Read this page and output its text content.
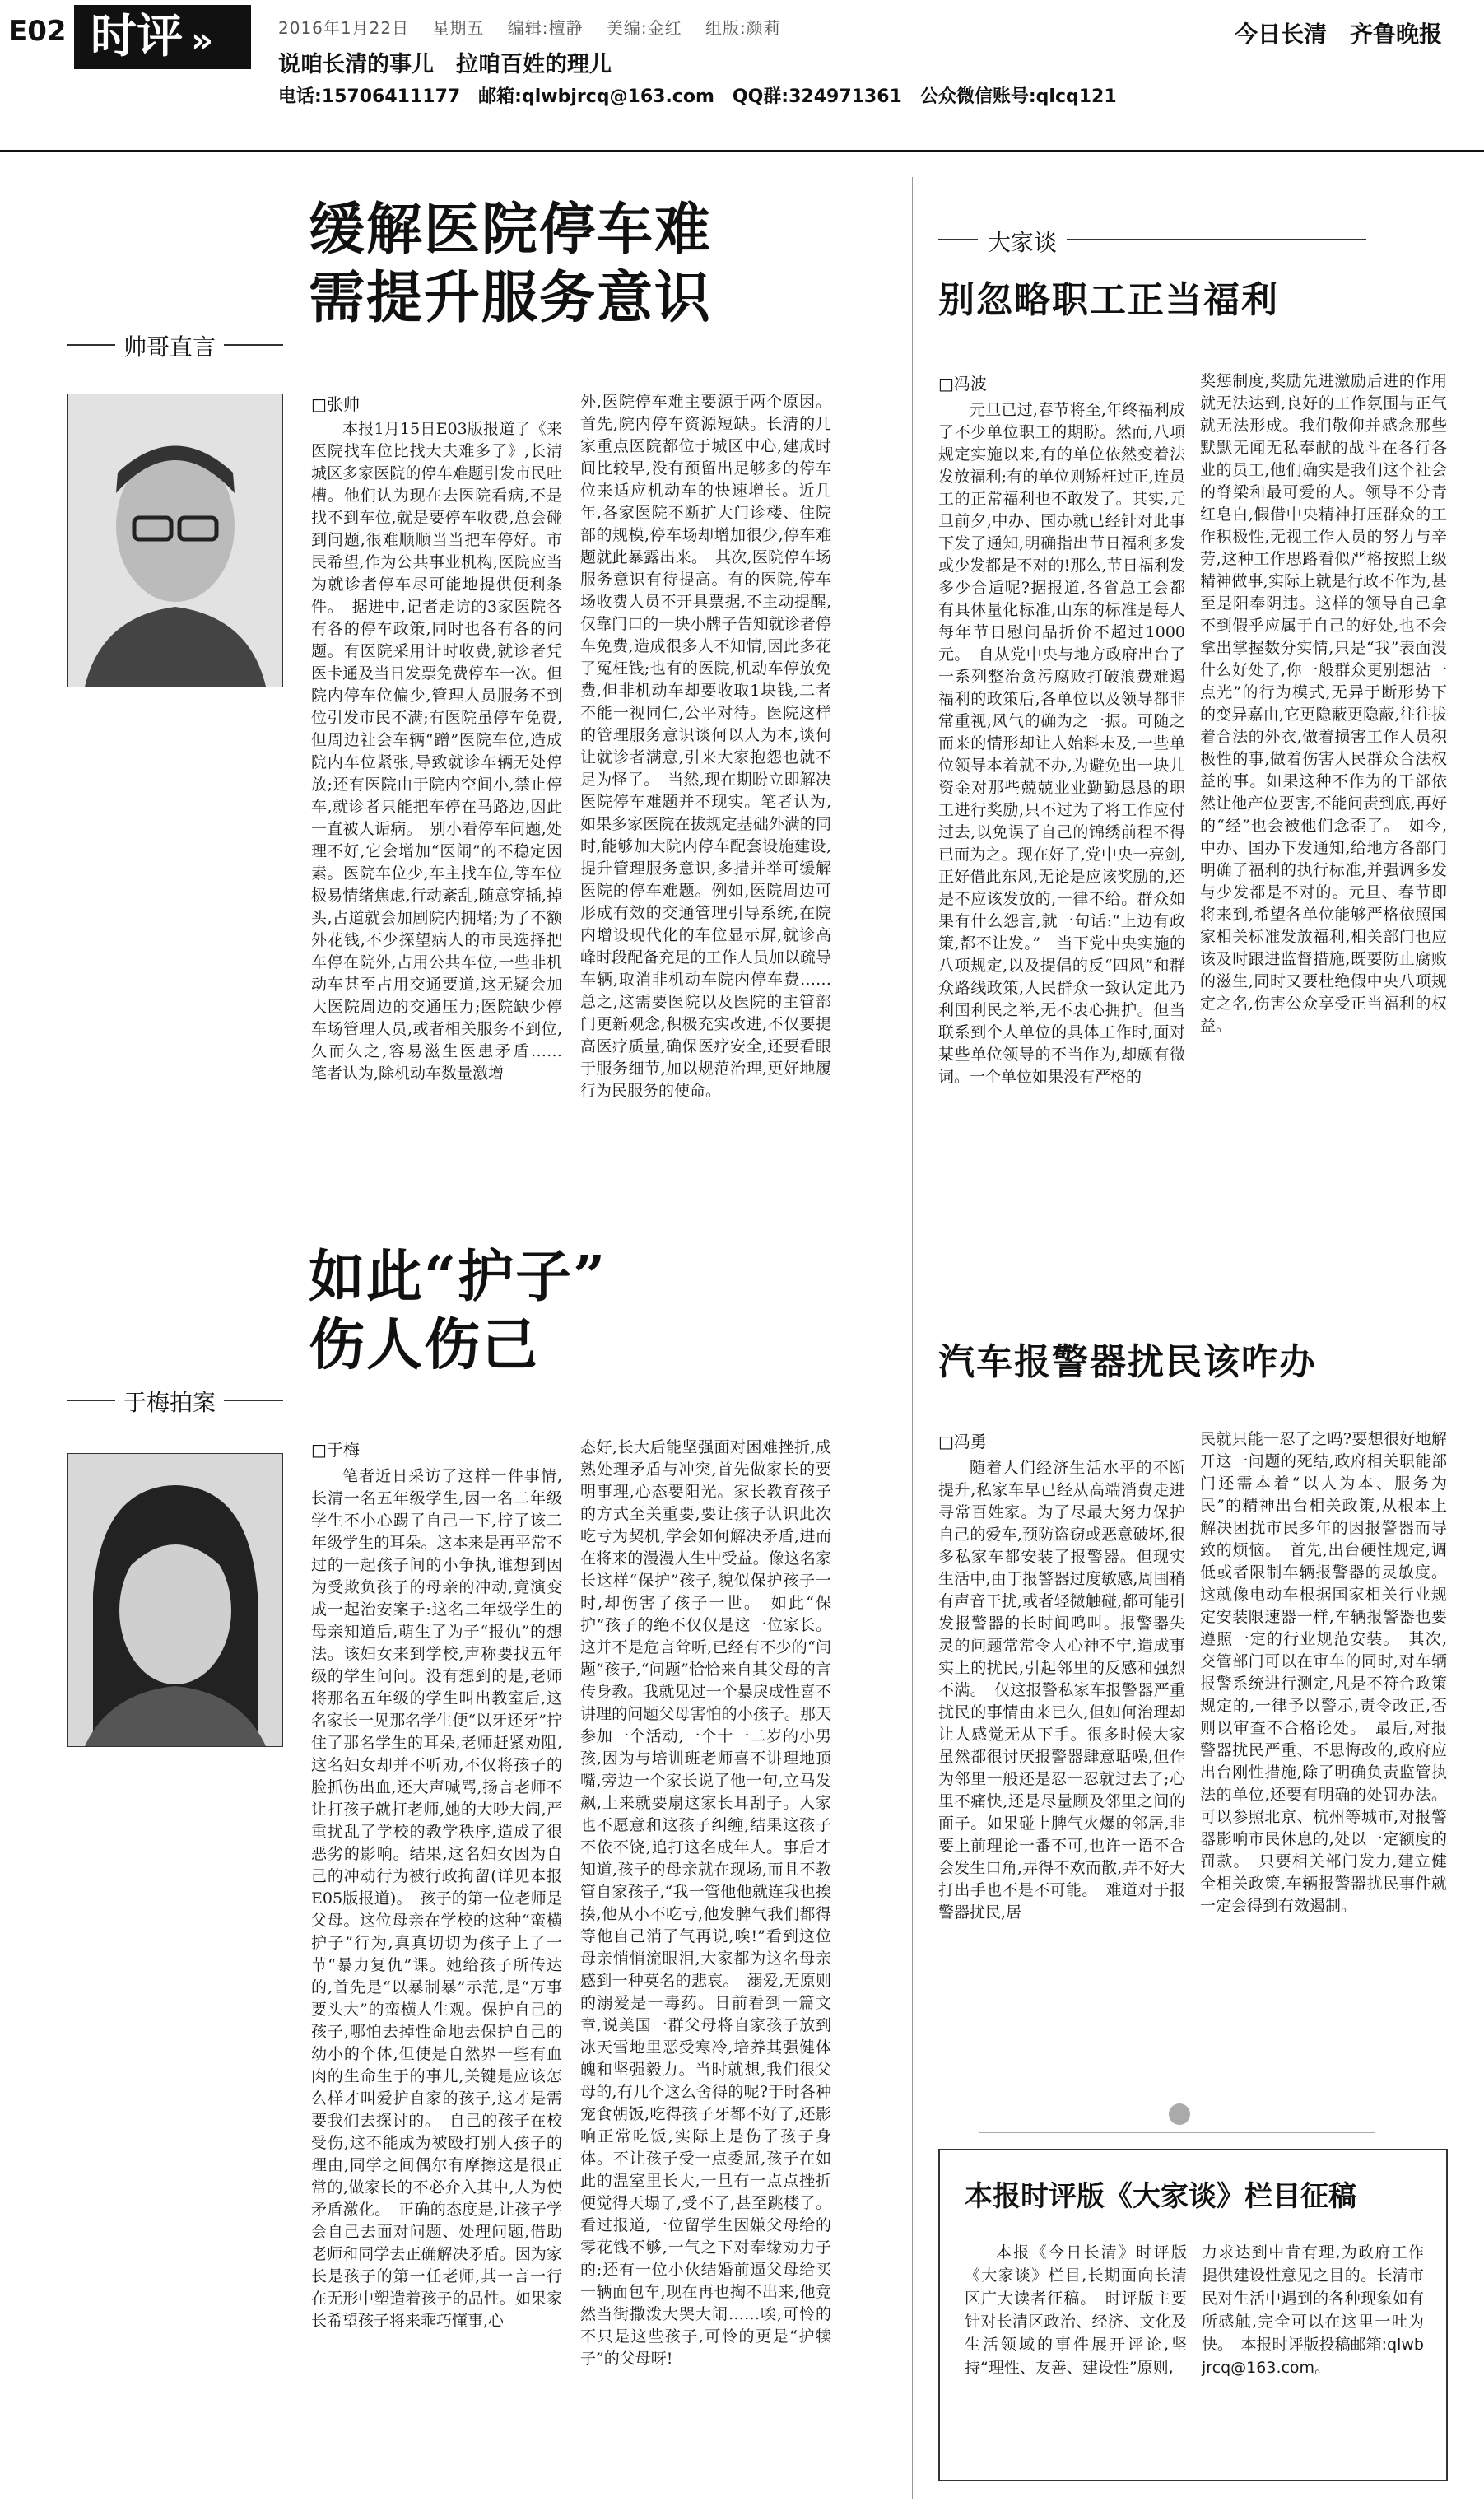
E02 时评 »	2016年1月22日　 星期五　 编辑:檀静　 美编:金红　 组版:颜莉
说咱长清的事儿　拉咱百姓的理儿
今日长清　齐鲁晚报
电话:15706411177　邮箱:qlwbjrcq@163.com　QQ群:324971361　公众微信账号:qlcq121
缓解医院停车难
需提升服务意识
帅哥直言
□张帅

本报1月15日E03版报道了《来医院找车位比找大夫难多了》,长清城区多家医院的停车难题引发市民吐槽。他们认为现在去医院看病,不是找不到车位,就是要停车收费,总会碰到问题,很难顺顺当当把车停好。市民希望,作为公共事业机构,医院应当为就诊者停车尽可能地提供便利条件。　据进中,记者走访的3家医院各有各的停车政策,同时也各有各的问题。有医院采用计时收费,就诊者凭医卡通及当日发票免费停车一次。但院内停车位偏少,管理人员服务不到位引发市民不满;有医院虽停车免费,但周边社会车辆“蹭”医院车位,造成院内车位紧张,导致就诊车辆无处停放;还有医院由于院内空间小,禁止停车,就诊者只能把车停在马路边,因此一直被人诟病。　别小看停车问题,处理不好,它会增加“医闹”的不稳定因素。医院车位少,车主找车位,等车位极易情绪焦虑,行动紊乱,随意穿插,掉头,占道就会加剧院内拥堵;为了不额外花钱,不少探望病人的市民选择把车停在院外,占用公共车位,一些非机动车甚至占用交通要道,这无疑会加大医院周边的交通压力;医院缺少停车场管理人员,或者相关服务不到位,久而久之,容易滋生医患矛盾……　笔者认为,除机动车数量激增

外,医院停车难主要源于两个原因。首先,院内停车资源短缺。长清的几家重点医院都位于城区中心,建成时间比较早,没有预留出足够多的停车位来适应机动车的快速增长。近几年,各家医院不断扩大门诊楼、住院部的规模,停车场却增加很少,停车难题就此暴露出来。　其次,医院停车场服务意识有待提高。有的医院,停车场收费人员不开具票据,不主动提醒,仅靠门口的一块小牌子告知就诊者停车免费,造成很多人不知情,因此多花了冤枉钱;也有的医院,机动车停放免费,但非机动车却要收取1块钱,二者不能一视同仁,公平对待。医院这样的管理服务意识谈何以人为本,谈何让就诊者满意,引来大家抱怨也就不足为怪了。　当然,现在期盼立即解决医院停车难题并不现实。笔者认为,如果多家医院在拔规定基础外满的同时,能够加大院内停车配套设施建设,提升管理服务意识,多措并举可缓解医院的停车难题。例如,医院周边可形成有效的交通管理引导系统,在院内增设现代化的车位显示屏,就诊高峰时段配备充足的工作人员加以疏导车辆,取消非机动车院内停车费……总之,这需要医院以及医院的主管部门更新观念,积极充实改进,不仅要提高医疗质量,确保医疗安全,还要看眼于服务细节,加以规范治理,更好地履行为民服务的使命。

大家谈
别忽略职工正当福利
□冯波

元旦已过,春节将至,年终福利成了不少单位职工的期盼。然而,八项规定实施以来,有的单位依然变着法发放福利;有的单位则矫枉过正,连员工的正常福利也不敢发了。其实,元旦前夕,中办、国办就已经针对此事下发了通知,明确指出节日福利多发或少发都是不对的!那么,节日福利发多少合适呢?据报道,各省总工会都有具体量化标准,山东的标准是每人每年节日慰问品折价不超过1000元。　自从党中央与地方政府出台了一系列整治贪污腐败打破浪费难遏福利的政策后,各单位以及领导都非常重视,风气的确为之一振。可随之而来的情形却让人始料未及,一些单位领导本着就不办,为避免出一块儿资金对那些兢兢业业勤勤恳恳的职工进行奖励,只不过为了将工作应付过去,以免误了自己的锦绣前程不得已而为之。现在好了,党中央一亮剑,正好借此东风,无论是应该奖励的,还是不应该发放的,一律不给。群众如果有什么怨言,就一句话:“上边有政策,都不让发。”　当下党中央实施的八项规定,以及提倡的反“四风”和群众路线政策,人民群众一致认定此乃利国利民之举,无不衷心拥护。但当联系到个人单位的具体工作时,面对某些单位领导的不当作为,却颇有微词。一个单位如果没有严格的

奖惩制度,奖励先进激励后进的作用就无法达到,良好的工作氛围与正气就无法形成。我们敬仰并感念那些默默无闻无私奉献的战斗在各行各业的员工,他们确实是我们这个社会的脊梁和最可爱的人。领导不分青红皂白,假借中央精神打压群众的工作积极性,无视工作人员的努力与辛劳,这种工作思路看似严格按照上级精神做事,实际上就是行政不作为,甚至是阳奉阴违。这样的领导自己拿不到假乎应属于自己的好处,也不会拿出掌握数分实情,只是“我”表面没什么好处了,你一般群众更别想沾一点光”的行为模式,无异于断形势下的变异嘉由,它更隐蔽更隐蔽,往往拔着合法的外衣,做着损害工作人员积极性的事,做着伤害人民群众合法权益的事。如果这种不作为的干部依然让他产位要害,不能问责到底,再好的“经”也会被他们念歪了。　如今,中办、国办下发通知,给地方各部门明确了福利的执行标准,并强调多发与少发都是不对的。元旦、春节即将来到,希望各单位能够严格依照国家相关标准发放福利,相关部门也应该及时跟进监督措施,既要防止腐败的滋生,同时又要杜绝假中央八项规定之名,伤害公众享受正当福利的权益。

如此“护子”
伤人伤己
于梅拍案
□于梅

笔者近日采访了这样一件事情,长清一名五年级学生,因一名二年级学生不小心踢了自己一下,拧了该二年级学生的耳朵。这本来是再平常不过的一起孩子间的小争执,谁想到因为受欺负孩子的母亲的冲动,竟演变成一起治安案子:这名二年级学生的母亲知道后,萌生了为子“报仇”的想法。该妇女来到学校,声称要找五年级的学生问问。没有想到的是,老师将那名五年级的学生叫出教室后,这名家长一见那名学生便“以牙还牙”拧住了那名学生的耳朵,老师赶紧劝阻,这名妇女却并不听劝,不仅将孩子的脸抓伤出血,还大声喊骂,扬言老师不让打孩子就打老师,她的大吵大闹,严重扰乱了学校的教学秩序,造成了很恶劣的影响。结果,这名妇女因为自己的冲动行为被行政拘留(详见本报E05版报道)。　孩子的第一位老师是父母。这位母亲在学校的这种“蛮横护子”行为,真真切切为孩子上了一节“暴力复仇”课。她给孩子所传达的,首先是“以暴制暴”示范,是“万事要头大”的蛮横人生观。保护自己的孩子,哪怕去掉性命地去保护自己的幼小的个体,但使是自然界一些有血肉的生命生于的事儿,关键是应该怎么样才叫爱护自家的孩子,这才是需要我们去探讨的。　自己的孩子在校受伤,这不能成为被殴打别人孩子的理由,同学之间偶尔有摩擦这是很正常的,做家长的不必介入其中,人为使矛盾激化。　正确的态度是,让孩子学会自己去面对问题、处理问题,借助老师和同学去正确解决矛盾。因为家长是孩子的第一任老师,其一言一行在无形中塑造着孩子的品性。如果家长希望孩子将来乖巧懂事,心

态好,长大后能坚强面对困难挫折,成熟处理矛盾与冲突,首先做家长的要明事理,心态要阳光。家长教育孩子的方式至关重要,要让孩子认识此次吃亏为契机,学会如何解决矛盾,进而在将来的漫漫人生中受益。像这名家长这样“保护”孩子,貌似保护孩子一时,却伤害了孩子一世。　如此“保护”孩子的绝不仅仅是这一位家长。这并不是危言耸听,已经有不少的“问题”孩子,“问题”恰恰来自其父母的言传身教。我就见过一个暴戾成性喜不讲理的问题父母害怕的小孩子。那天参加一个活动,一个十一二岁的小男孩,因为与培训班老师喜不讲理地顶嘴,旁边一个家长说了他一句,立马发飙,上来就要扇这家长耳刮子。人家也不愿意和这孩子纠缠,结果这孩子不依不饶,追打这名成年人。事后才知道,孩子的母亲就在现场,而且不教管自家孩子,“我一管他他就连我也挨揍,他从小不吃亏,他发脾气我们都得等他自己消了气再说,唉!”看到这位母亲悄悄流眼泪,大家都为这名母亲感到一种莫名的悲哀。　溺爱,无原则的溺爱是一毒药。日前看到一篇文章,说美国一群父母将自家孩子放到冰天雪地里恶受寒冷,培养其强健体魄和坚强毅力。当时就想,我们很父母的,有几个这么舍得的呢?于时各种宠食朝饭,吃得孩子牙都不好了,还影响正常吃饭,实际上是伤了孩子身体。不让孩子受一点委屈,孩子在如此的温室里长大,一旦有一点点挫折便觉得天塌了,受不了,甚至跳楼了。看过报道,一位留学生因嫌父母给的零花钱不够,一气之下对奉缘劝力子的;还有一位小伙结婚前逼父母给买一辆面包车,现在再也掏不出来,他竟然当街撒泼大哭大闹……唉,可怜的不只是这些孩子,可怜的更是“护犊子”的父母呀!

汽车报警器扰民该咋办
□冯勇

随着人们经济生活水平的不断提升,私家车早已经从高端消费走进寻常百姓家。为了尽最大努力保护自己的爱车,预防盗窃或恶意破坏,很多私家车都安装了报警器。但现实生活中,由于报警器过度敏感,周围稍有声音干扰,或者轻微触碰,都可能引发报警器的长时间鸣叫。报警器失灵的问题常常令人心神不宁,造成事实上的扰民,引起邻里的反感和强烈不满。　仅这报警私家车报警器严重扰民的事情由来已久,但如何治理却让人感觉无从下手。很多时候大家虽然都很讨厌报警器肆意聒噪,但作为邻里一般还是忍一忍就过去了;心里不痛快,还是尽量顾及邻里之间的面子。如果碰上脾气火爆的邻居,非要上前理论一番不可,也许一语不合会发生口角,弄得不欢而散,弄不好大打出手也不是不可能。　难道对于报警器扰民,居

民就只能一忍了之吗?要想很好地解开这一问题的死结,政府相关职能部门还需本着“以人为本、服务为民”的精神出台相关政策,从根本上解决困扰市民多年的因报警器而导致的烦恼。　首先,出台硬性规定,调低或者限制车辆报警器的灵敏度。这就像电动车根据国家相关行业规定安装限速器一样,车辆报警器也要遵照一定的行业规范安装。　其次,交管部门可以在审车的同时,对车辆报警系统进行测定,凡是不符合政策规定的,一律予以警示,责令改正,否则以审查不合格论处。　最后,对报警器扰民严重、不思悔改的,政府应出台刚性措施,除了明确负责监管执法的单位,还要有明确的处罚办法。可以参照北京、杭州等城市,对报警器影响市民休息的,处以一定额度的罚款。　只要相关部门发力,建立健全相关政策,车辆报警器扰民事件就一定会得到有效遏制。

本报时评版《大家谈》栏目征稿

本报《今日长清》时评版《大家谈》栏目,长期面向长清区广大读者征稿。　时评版主要针对长清区政治、经济、文化及生活领域的事件展开评论,坚持“理性、友善、建设性”原则,

力求达到中肯有理,为政府工作提供建设性意见之目的。长清市民对生活中遇到的各种现象如有所感触,完全可以在这里一吐为快。　本报时评版投稿邮箱:qlwbjrcq@163.com。
